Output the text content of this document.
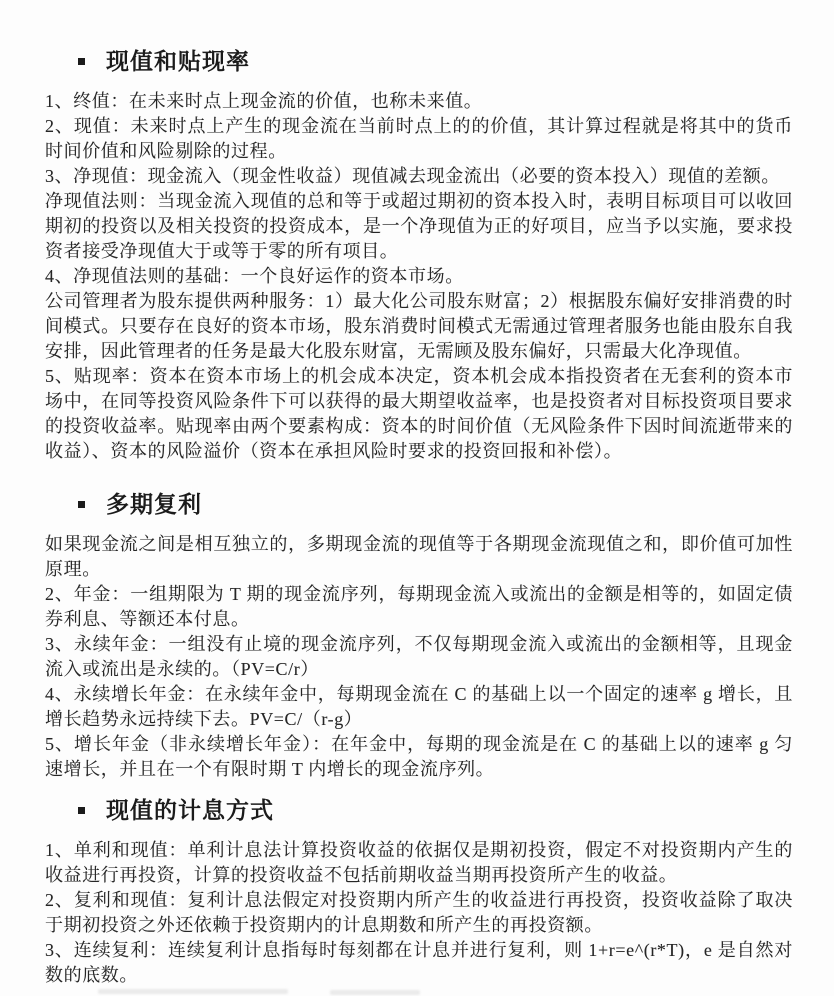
现值和贴现率

1、终值：在未来时点上现金流的价值，也称未来值。

2、现值：未来时点上产生的现金流在当前时点上的的价值，其计算过程就是将其中的货币时间价值和风险剔除的过程。

3、净现值：现金流入（现金性收益）现值减去现金流出（必要的资本投入）现值的差额。

净现值法则：当现金流入现值的总和等于或超过期初的资本投入时，表明目标项目可以收回期初的投资以及相关投资的投资成本，是一个净现值为正的好项目，应当予以实施，要求投资者接受净现值大于或等于零的所有项目。

4、净现值法则的基础：一个良好运作的资本市场。

公司管理者为股东提供两种服务：1）最大化公司股东财富；2）根据股东偏好安排消费的时间模式。只要存在良好的资本市场，股东消费时间模式无需通过管理者服务也能由股东自我安排，因此管理者的任务是最大化股东财富，无需顾及股东偏好，只需最大化净现值。

5、贴现率：资本在资本市场上的机会成本决定，资本机会成本指投资者在无套利的资本市场中，在同等投资风险条件下可以获得的最大期望收益率，也是投资者对目标投资项目要求的投资收益率。贴现率由两个要素构成：资本的时间价值（无风险条件下因时间流逝带来的收益）、资本的风险溢价（资本在承担风险时要求的投资回报和补偿）。

多期复利

如果现金流之间是相互独立的，多期现金流的现值等于各期现金流现值之和，即价值可加性原理。

2、年金：一组期限为 T 期的现金流序列，每期现金流入或流出的金额是相等的，如固定债券利息、等额还本付息。

3、永续年金：一组没有止境的现金流序列，不仅每期现金流入或流出的金额相等，且现金流入或流出是永续的。（PV=C/r）

4、永续增长年金：在永续年金中，每期现金流在 C 的基础上以一个固定的速率 g 增长，且增长趋势永远持续下去。PV=C/（r-g）

5、增长年金（非永续增长年金）：在年金中，每期的现金流是在 C 的基础上以的速率 g 匀速增长，并且在一个有限时期 T 内增长的现金流序列。

现值的计息方式

1、单利和现值：单利计息法计算投资收益的依据仅是期初投资，假定不对投资期内产生的收益进行再投资，计算的投资收益不包括前期收益当期再投资所产生的收益。

2、复利和现值：复利计息法假定对投资期内所产生的收益进行再投资，投资收益除了取决于期初投资之外还依赖于投资期内的计息期数和所产生的再投资额。

3、连续复利：连续复利计息指每时每刻都在计息并进行复利，则 1+r=e^(r*T)，e 是自然对数的底数。
